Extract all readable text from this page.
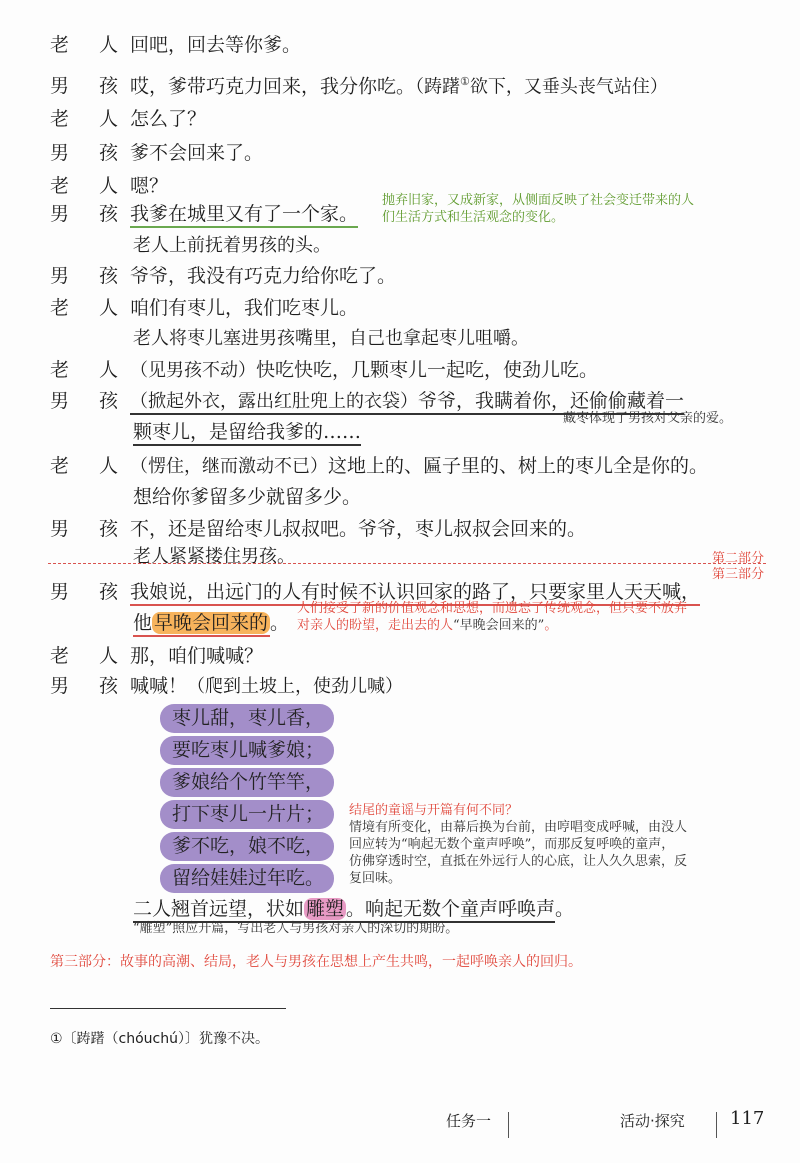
老 人回吧，回去等你爹。
男 孩哎，爹带巧克力回来，我分你吃。（踌躇①欲下，又垂头丧气站住）
老 人怎么了？
男 孩爹不会回来了。
老 人嗯？
男 孩我爹在城里又有了一个家。
抛弃旧家，又成新家，从侧面反映了社会变迁带来的人
们生活方式和生活观念的变化。
老人上前抚着男孩的头。
男 孩爷爷，我没有巧克力给你吃了。
老 人咱们有枣儿，我们吃枣儿。
老人将枣儿塞进男孩嘴里，自己也拿起枣儿咀嚼。
老 人（见男孩不动）快吃快吃，几颗枣儿一起吃，使劲儿吃。
男 孩（掀起外衣，露出红肚兜上的衣袋）爷爷，我瞒着你，还偷偷藏着一
藏枣体现了男孩对父亲的爱。
颗枣儿，是留给我爹的……
老 人（愣住，继而激动不已）这地上的、匾子里的、树上的枣儿全是你的。
想给你爹留多少就留多少。
男 孩不，还是留给枣儿叔叔吧。爷爷，枣儿叔叔会回来的。
老人紧紧搂住男孩。	第二部分
第三部分
男 孩我娘说，出远门的人有时候不认识回家的路了，只要家里人天天喊，
他 早晚会回来的 。
人们接受了新的价值观念和思想，而遗忘了传统观念，但只要不放弃
对亲人的盼望，走出去的人“早晚会回来的”。
老 人那，咱们喊喊？
男 孩喊喊！（爬到土坡上，使劲儿喊）
枣儿甜，枣儿香，
要吃枣儿喊爹娘；
爹娘给个竹竿竿，
打下枣儿一片片；
爹不吃，娘不吃，
留给娃娃过年吃。
结尾的童谣与开篇有何不同？
情境有所变化，由幕后换为台前，由哼唱变成呼喊，由没人
回应转为“响起无数个童声呼唤”，而那反复呼唤的童声，
仿佛穿透时空，直抵在外远行人的心底，让人久久思索，反
复回味。
二人翘首远望，状如 雕塑 。响起无数个童声呼唤声。
“雕塑”照应开篇，写出老人与男孩对亲人的深切的期盼。
第三部分：故事的高潮、结局，老人与男孩在思想上产生共鸣，一起呼唤亲人的回归。
①〔踌躇（chóuchú）〕犹豫不决。
任务一	活动·探究	117
